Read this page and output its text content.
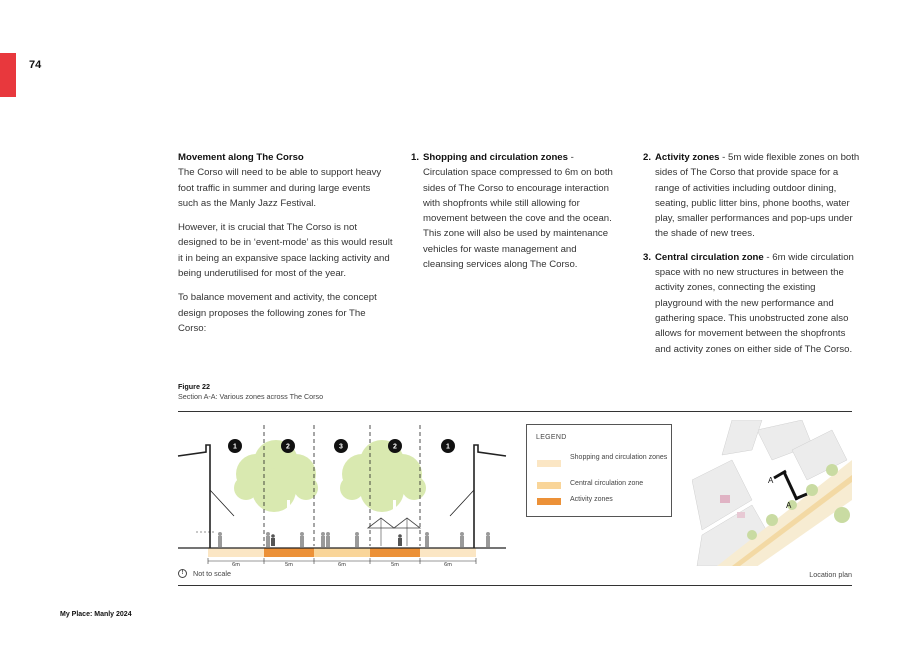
74
Movement along The Corso

The Corso will need to be able to support heavy foot traffic in summer and during large events such as the Manly Jazz Festival.

However, it is crucial that The Corso is not designed to be in ‘event-mode’ as this would result it in being an expansive space lacking activity and being underutilised for most of the year.

To balance movement and activity, the concept design proposes the following zones for The Corso:

1. Shopping and circulation zones - Circulation space compressed to 6m on both sides of The Corso to encourage interaction with shopfronts while still allowing for movement between the cove and the ocean. This zone will also be used by maintenance vehicles for waste management and cleansing services along The Corso.
2. Activity zones - 5m wide flexible zones on both sides of The Corso that provide space for a range of activities including outdoor dining, seating, public litter bins, phone booths, water play, smaller performances and pop-ups under the shade of new trees.
3. Central circulation zone - 6m wide circulation space with no new structures in between the activity zones, connecting the existing playground with the new performance and gathering space. This unobstructed zone also allows for movement between the shopfronts and activity zones on either side of The Corso.
Figure 22
Section A-A: Various zones across The Corso
6m	5m	6m	5m	6m
1	2	3	2	1
LEGEND
Shopping and circulation zones
Central circulation zone
Activity zones
A
A
!	Not to scale	Location plan
My Place: Manly 2024
